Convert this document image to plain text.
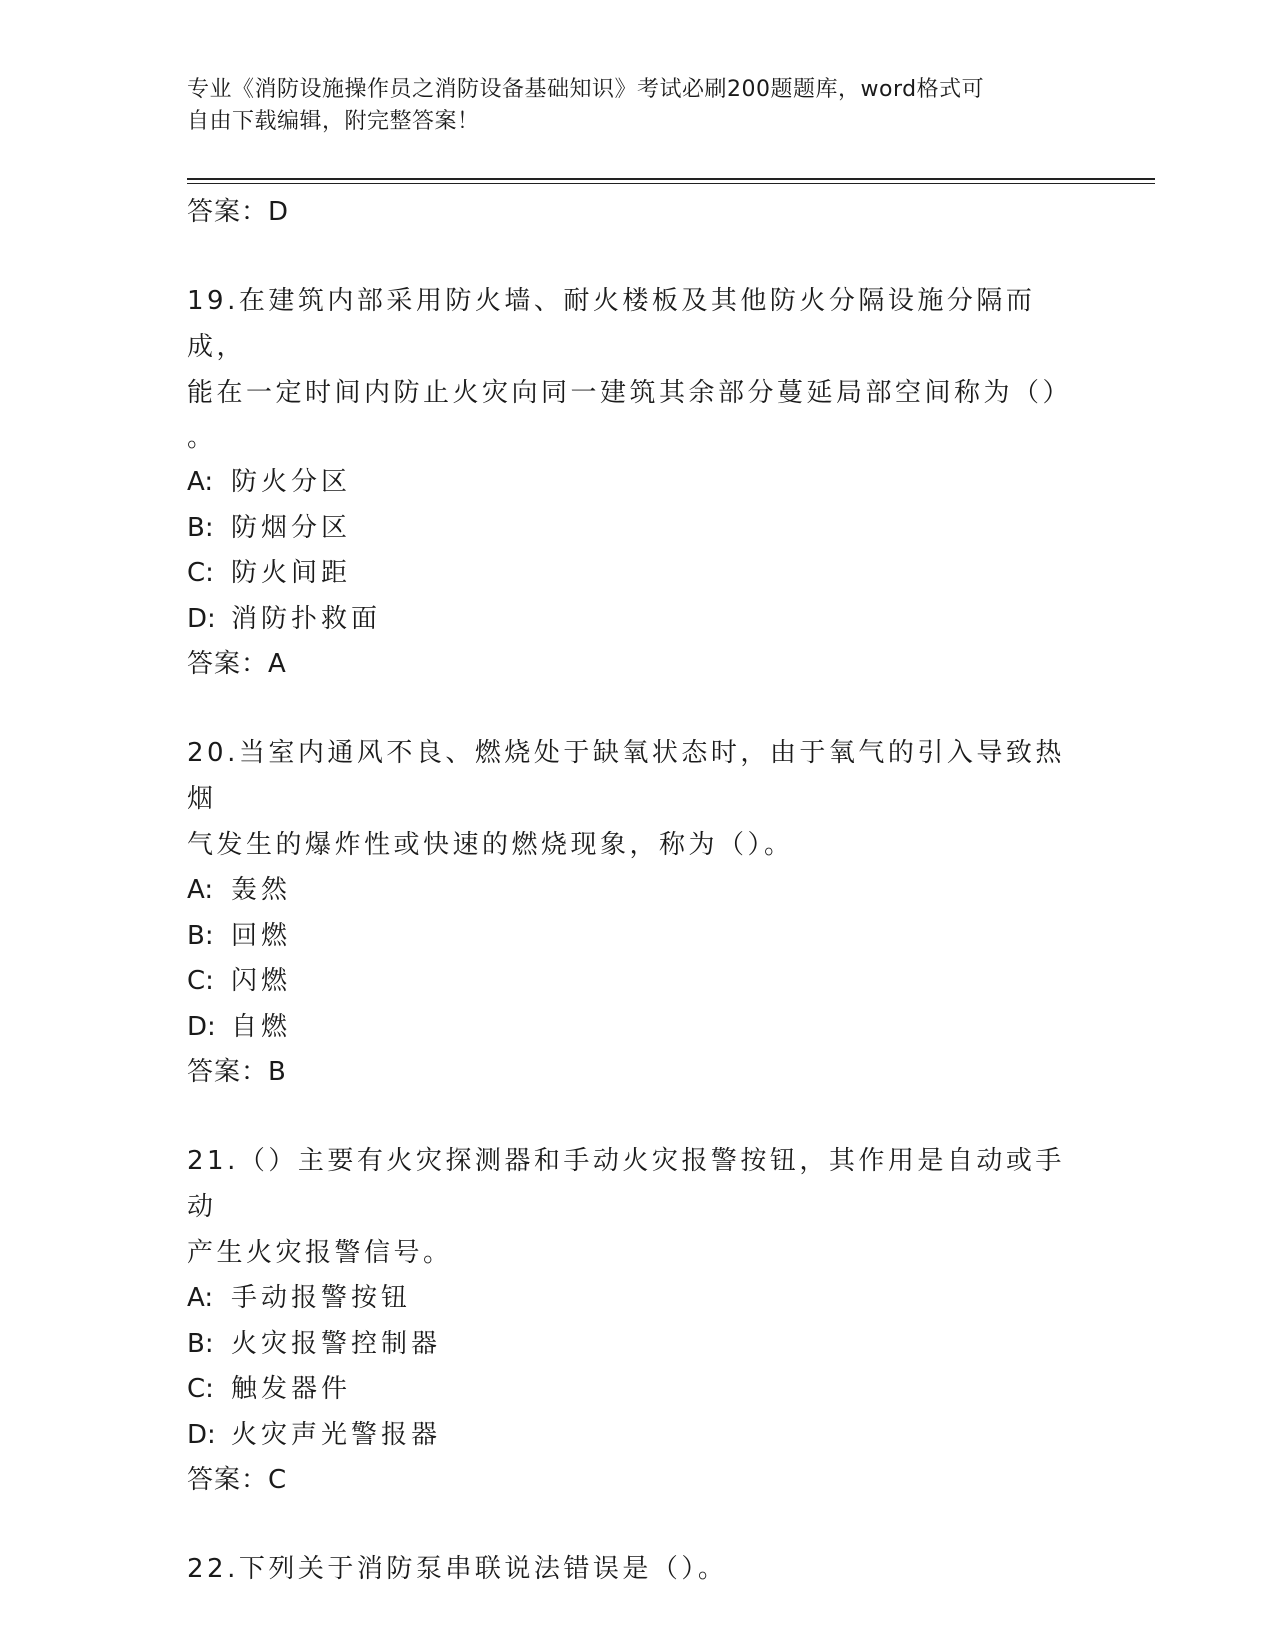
专业《消防设施操作员之消防设备基础知识》考试必刷200题题库，word格式可
自由下载编辑，附完整答案！

答案：D

19.在建筑内部采用防火墙、耐火楼板及其他防火分隔设施分隔而成，

能在一定时间内防止火灾向同一建筑其余部分蔓延局部空间称为（）

。

A: 防火分区

B: 防烟分区

C: 防火间距

D: 消防扑救面

答案：A

20.当室内通风不良、燃烧处于缺氧状态时，由于氧气的引入导致热烟

气发生的爆炸性或快速的燃烧现象，称为（）。

A: 轰然

B: 回燃

C: 闪燃

D: 自燃

答案：B

21.（）主要有火灾探测器和手动火灾报警按钮，其作用是自动或手动

产生火灾报警信号。

A: 手动报警按钮

B: 火灾报警控制器

C: 触发器件

D: 火灾声光警报器

答案：C

22.下列关于消防泵串联说法错误是（）。
